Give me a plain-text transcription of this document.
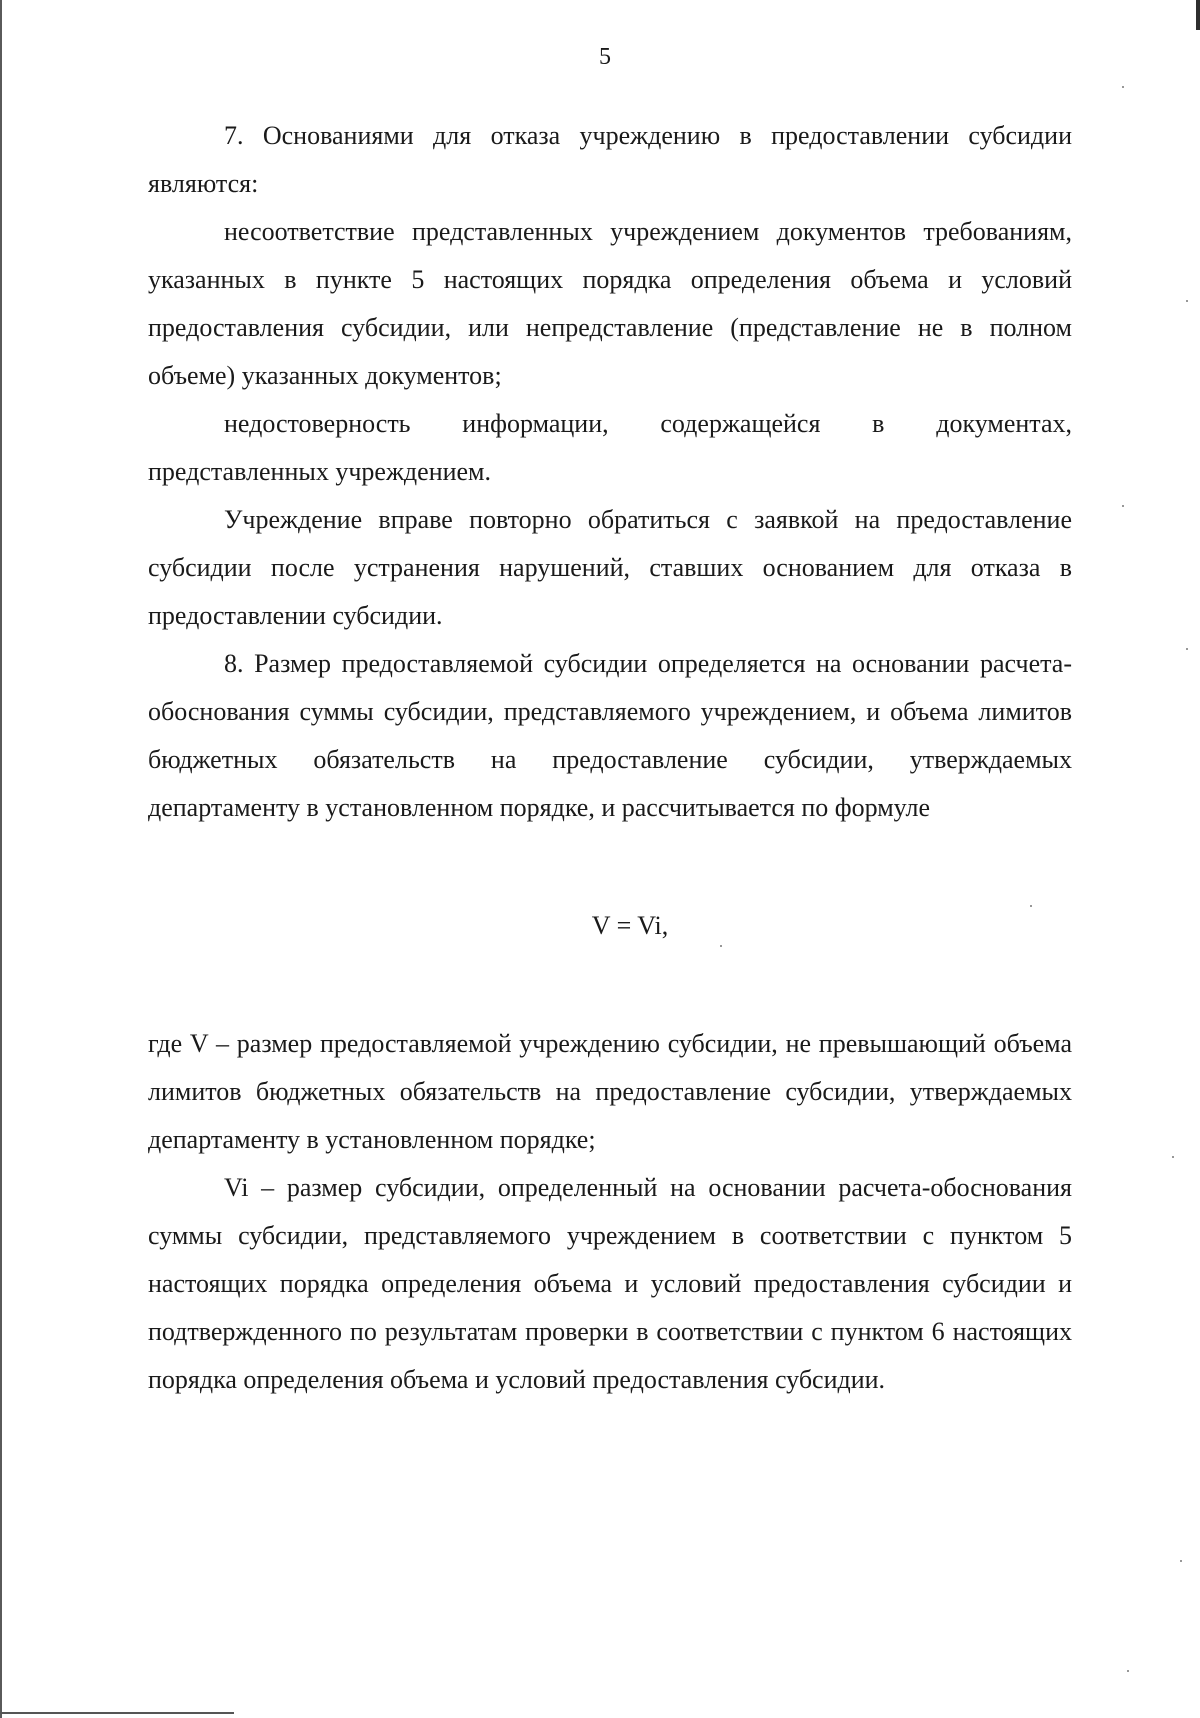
5

7. Основаниями для отказа учреждению в предоставлении субсидии являются:

несоответствие представленных учреждением документов требованиям, указанных в пункте 5 настоящих порядка определения объема и условий предоставления субсидии, или непредставление (представление не в полном объеме) указанных документов;

недостоверность информации, содержащейся в документах, представленных учреждением.

Учреждение вправе повторно обратиться с заявкой на предоставление субсидии после устранения нарушений, ставших основанием для отказа в предоставлении субсидии.

8. Размер предоставляемой субсидии определяется на основании расчета-обоснования суммы субсидии, представляемого учреждением, и объема лимитов бюджетных обязательств на предоставление субсидии, утверждаемых департаменту в установленном порядке, и рассчитывается по формуле

V = Vi,

где V – размер предоставляемой учреждению субсидии, не превышающий объема лимитов бюджетных обязательств на предоставление субсидии, утверждаемых департаменту в установленном порядке;

Vi – размер субсидии, определенный на основании расчета-обоснования суммы субсидии, представляемого учреждением в соответствии с пунктом 5 настоящих порядка определения объема и условий предоставления субсидии и подтвержденного по результатам проверки в соответствии с пунктом 6 настоящих порядка определения объема и условий предоставления субсидии.
